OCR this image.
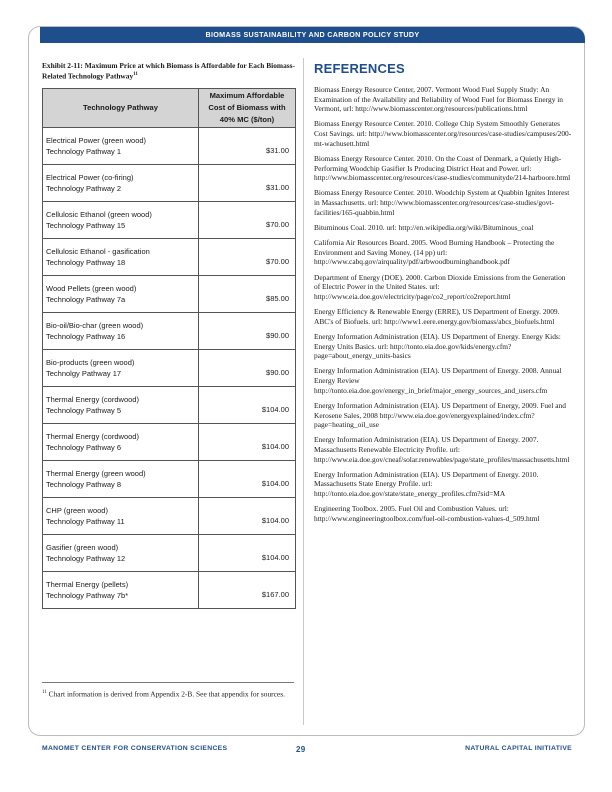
BIOMASS SUSTAINABILITY AND CARBON POLICY STUDY

Exhibit 2-11: Maximum Price at which Biomass is Affordable for Each Biomass-Related Technology Pathway$^{11}$

Technology Pathway	Maximum Affordable Cost of Biomass with 40% MC ($/ton)

Electrical Power (green wood)
Technology Pathway 1	$31.00

Electrical Power (co-firing)
Technology Pathway 2	$31.00

Cellulosic Ethanol (green wood)
Technology Pathway 15	$70.00

Cellulosic Ethanol - gasification
Technology Pathway 18	$70.00

Wood Pellets (green wood)
Technology Pathway 7a	$85.00

Bio-oil/Bio-char (green wood)
Technology Pathway 16	$90.00

Bio-products (green wood)
Technolgy Pathway 17	$90.00

Thermal Energy (cordwood)
Technology Pathway 5	$104.00

Thermal Energy (cordwood)
Technology Pathway 6	$104.00

Thermal Energy (green wood)
Technology Pathway 8	$104.00

CHP (green wood)
Technology Pathway 11	$104.00

Gasifier (green wood)
Technology Pathway 12	$104.00

Thermal Energy (pellets)
Technology Pathway 7b*	$167.00
REFERENCES

Biomass Energy Resource Center, 2007. Vermont Wood Fuel Supply Study: An Examination of the Availability and Reliability of Wood Fuel for Biomass Energy in Vermont, url: http://www.biomasscenter.org/resources/publications.html

Biomass Energy Resource Center. 2010. College Chip System Smoothly Generates Cost Savings. url: http://www.biomasscenter.org/resources/case-studies/campuses/200-mt-wachusett.html

Biomass Energy Resource Center. 2010. On the Coast of Denmark, a Quietly High-Performing Woodchip Gasifier Is Producing District Heat and Power. url: http://www.biomasscenter.org/resources/case-studies/communityde/214-harboore.html

Biomass Energy Resource Center. 2010. Woodchip System at Quabbin Ignites Interest in Massachusetts. url: http://www.biomasscenter.org/resources/case-studies/govt-facilities/165-quabbin.html

Bituminous Coal. 2010. url: http://en.wikipedia.org/wiki/Bituminous_coal

California Air Resources Board. 2005. Wood Burning Handbook – Protecting the Environment and Saving Money, (14 pp) url: http://www.cabq.gov/airquality/pdf/arbwoodburninghandbook.pdf

Department of Energy (DOE). 2000. Carbon Dioxide Emissions from the Generation of Electric Power in the United States. url: http://www.eia.doe.gov/electricity/page/co2_report/co2report.html

Energy Efficiency & Renewable Energy (ERRE), US Department of Energy. 2009. ABC's of Biofuels. url: http://www1.eere.energy.gov/biomass/abcs_biofuels.html

Energy Information Administration (EIA). US Department of Energy. Energy Kids: Energy Units Basics. url: http://tonto.eia.doe.gov/kids/energy.cfm?page=about_energy_units-basics

Energy Information Administration (EIA). US Department of Energy. 2008. Annual Energy Review http://tonto.eia.doe.gov/energy_in_brief/major_energy_sources_and_users.cfm

Energy Information Administration (EIA). US Department of Energy, 2009. Fuel and Kerosene Sales, 2008 http://www.eia.doe.gov/energyexplained/index.cfm?page=heating_oil_use

Energy Information Administration (EIA). US Department of Energy. 2007. Massachusetts Renewable Electricity Profile. url: http://www.eia.doe.gov/cneaf/solar.renewables/page/state_profiles/massachusetts.html

Energy Information Administration (EIA). US Department of Energy. 2010. Massachusetts State Energy Profile. url: http://tonto.eia.doe.gov/state/state_energy_profiles.cfm?sid=MA

Engineering Toolbox. 2005. Fuel Oil and Combustion Values. url: http://www.engineeringtoolbox.com/fuel-oil-combustion-values-d_509.html

$^{11}$ Chart information is derived from Appendix 2-B. See that appendix for sources.
MANOMET CENTER FOR CONSERVATION SCIENCES	29	NATURAL CAPITAL INITIATIVE
